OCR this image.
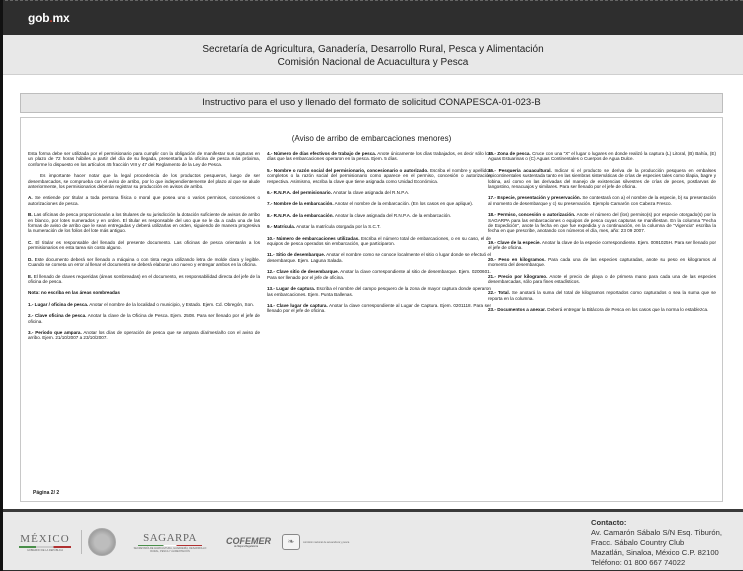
gob.mx
Secretaría de Agricultura, Ganadería, Desarrollo Rural, Pesca y Alimentación
Comisión Nacional de Acuacultura y Pesca
Instructivo para el uso y llenado del formato de solicitud CONAPESCA-01-023-B
(Aviso de arribo de embarcaciones menores)

Esta forma debe ser utilizada por el permisionario para cumplir con la obligación de manifestar sus capturas en un plazo de 72 horas hábiles a partir del día de su llegada, presentarla a la oficina de pesca más próxima, conforme lo dispuesto en los artículos 45 fracción VIII y 47 del Reglamento de la Ley de Pesca.

Es importante hacer notar que la legal procedencia de los productos pesqueros, luego de ser desembarcados, se comprueba con el aviso de arribo, por lo que independientemente del plazo al que se alude anteriormente, los permisionarios deberán registrar su producción en avisos de arribo.

A. Se entiende por titular a toda persona física o moral que posea uno o varios permisos, concesiones o autorizaciones de pesca.

B. Las oficinas de pesca proporcionarán a los titulares de su jurisdicción la dotación suficiente de avisos de arribo en blanco, por lotes numerados y en orden. El titular es responsable del uso que se le da a cada una de las formas de aviso de arribo que le sean entregadas y deberá utilizarlas en orden, siguiendo de manera progresiva la numeración de los folios del lote más antiguo.

C. El titular es responsable del llenado del presente documento. Las oficinas de pesca orientarán a los permisionarios en esta tarea sin costo alguno.

D. Este documento deberá ser llenado a máquina o con tinta negra utilizando letra de molde clara y legible. Cuando se cometa un error al llenar el documento se deberá elaborar uno nuevo y entregar ambos en la oficina.

E. El llenado de claves requeridas (áreas sombreadas) en el documento, es responsabilidad directa del jefe de la oficina de pesca.

Nota: no escriba en las áreas sombreadas

1.- Lugar / oficina de pesca. Anotar el nombre de la localidad o municipio, y Estado. Ejem. Cd. Obregón, Son.

2.- Clave oficina de pesca. Anotar la clave de la Oficina de Pesca. Ejem. 2508. Para ser llenado por el jefe de oficina.

3.- Periodo que ampara. Anotar los días de operación de pesca que se ampara día/mes/año con el aviso de arribo. Ejem. 21/10/2007 a 23/10/2007.

4.- Número de días efectivos de trabajo de pesca. Anote únicamente los días trabajados, es decir sólo los días que las embarcaciones operaron en la pesca. Ejem. 5 días.

5.- Nombre o razón social del permisionario, concesionario o autorizado. Escriba el nombre y apellidos completos o la razón social del permisionario como aparece en el permiso, concesión o autorización respectiva. Asimismo, escriba la clave que tiene asignada como Unidad Económica.

6.- R.N.P.A. del permisionario. Anotar la clave asignada del R.N.P.A.

7.- Nombre de la embarcación. Anotar el nombre de la embarcación. (En los casos en que aplique).

8.- R.N.P.A. de la embarcación. Anotar la clave asignada del R.N.P.A. de la embarcación.

9.- Matrícula. Anotar la matrícula otorgada por la S.C.T.

10.- Número de embarcaciones utilizadas. Escriba el número total de embarcaciones, o en su caso, el de equipos de pesca operados sin embarcación, que participaron.

11.- Sitio de desembarque. Anotar el nombre como se conoce localmente el sitio o lugar donde se efectuó el desembarque. Ejem. Laguna Salada.

12.- Clave sitio de desembarque. Anotar la clave correspondiente al sitio de desembarque. Ejem. 0200601. Para ser llenado por el jefe de oficina.

13.- Lugar de captura. Escriba el nombre del campo pesquero de la zona de mayor captura donde operaron las embarcaciones. Ejem. Punta Ballenas.

14.- Clave lugar de captura. Anotar la clave correspondiente al Lugar de Captura. Ejem. 0201118. Para ser llenado por el jefe de oficina.

15.- Zona de pesca. Cruce con una "X" el lugar o lugares en donde realizó la captura (L) Litoral, (B) Bahía, (E) Aguas Estuarinas o (C) Aguas Continentales o Cuerpos de Agua Dulce.

16.- Pesquería acuacultural. Indicar si el producto se deriva de la producción pesquera en embalses epicontinentales sustentada tanto en las siembras sistemáticas de crías de especies tales como tilapia, bagre y lobina, así como en las derivadas del manejo de existencias silvestres de crías de peces, postlarvas de langostino, renacuajos y similares. Para ser llenado por el jefe de oficina.

17.- Especie, presentación y preservación. Se contestará con a) el nombre de la especie, b) su presentación al momento de desembarque y c) su preservación. Ejemplo Camarón con Cabeza Fresco.

18.- Permiso, concesión o autorización. Anote el número del (los) permiso(s) por especie otorgado(s) por la SAGARPA para las embarcaciones o equipos de pesca cuyas capturas se manifiestan. En la columna "Fecha de Expedición", anote la fecha en que fue expedida y a continuación, en la columna de "Vigencia" escriba la fecha en que prescribe, anotando con números el día, mes, año: 23 09 2007.

19.- Clave de la especie. Anotar la clave de la especie correspondiente. Ejem. 0091025H. Para ser llenado por el jefe de oficina.

20.- Peso en kilogramos. Para cada una de las especies capturadas, anote su peso en kilogramos al momento del desembarque.

21.- Precio por kilogramo. Anote el precio de playa o de primera mano para cada una de las especies desembarcadas, sólo para fines estadísticos.

22.- Total. Se anotará la suma del total de kilogramos reportados como capturados o sea la suma que se reporta en la columna.

23.- Documentos a anexar. Deberá entregar la Bitácora de Pesca en los casos que la norma lo establezca.

Página 2/ 2
MÉXICO
GOBIERNO DE LA REPÚBLICA
SAGARPA
SECRETARÍA DE AGRICULTURA, GANADERÍA, DESARROLLO RURAL, PESCA Y ALIMENTACIÓN
COFEMER
de Mejora Regulatoria
❧	comisión nacional de acuacultura y pesca
Contacto:
Av. Camarón Sábalo S/N Esq. Tiburón,
Fracc. Sábalo Country Club
Mazatlán, Sinaloa, México C.P. 82100
Teléfono: 01 800 667 74022
